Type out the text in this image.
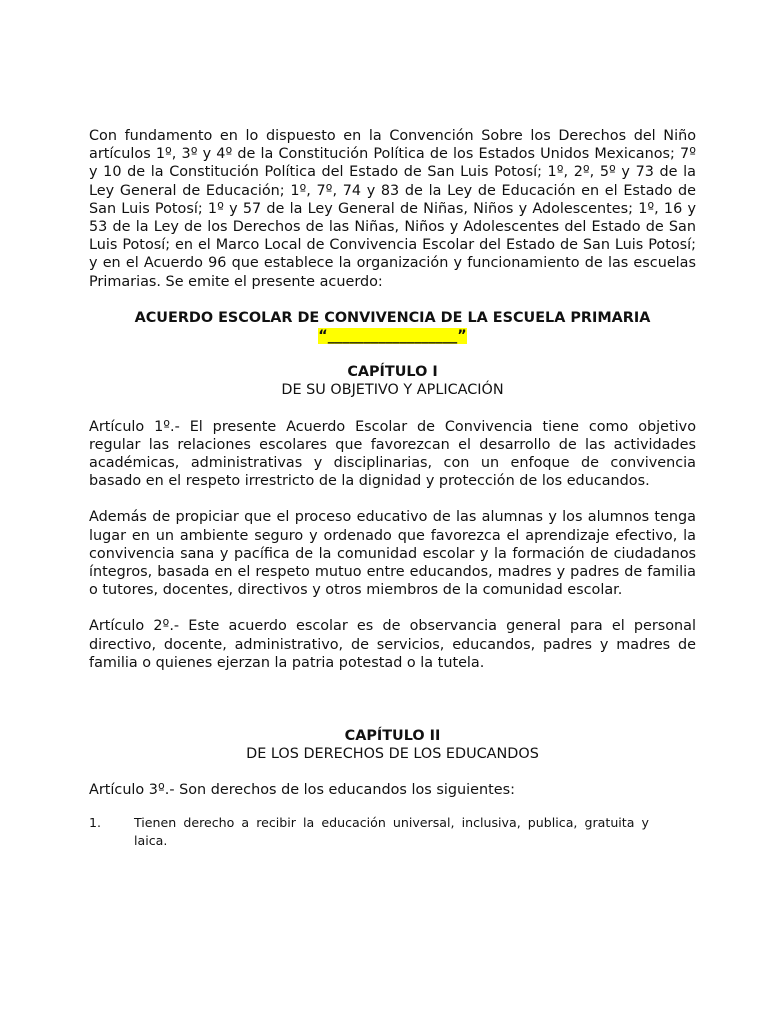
Con fundamento en lo dispuesto en la Convención Sobre los Derechos del Niño artículos 1º, 3º y 4º de la Constitución Política de los Estados Unidos Mexicanos; 7º y 10 de la Constitución Política del Estado de San Luis Potosí; 1º, 2º, 5º y 73 de la Ley General de Educación; 1º, 7º, 74 y 83 de la Ley de Educación en el Estado de San Luis Potosí; 1º y 57 de la Ley General de Niñas, Niños y Adolescentes; 1º, 16 y 53 de la Ley de los Derechos de las Niñas, Niños y Adolescentes del Estado de San Luis Potosí; en el Marco Local de Convivencia Escolar del Estado de San Luis Potosí; y en el Acuerdo 96 que establece la organización y funcionamiento de las escuelas Primarias. Se emite el presente acuerdo:

ACUERDO ESCOLAR DE CONVIVENCIA DE LA ESCUELA PRIMARIA

“__________________”

CAPÍTULO I

DE SU OBJETIVO Y APLICACIÓN

Artículo 1º.- El presente Acuerdo Escolar de Convivencia tiene como objetivo regular las relaciones escolares que favorezcan el desarrollo de las actividades académicas, administrativas y disciplinarias, con un enfoque de convivencia basado en el respeto irrestricto de la dignidad y protección de los educandos.

Además de propiciar que el proceso educativo de las alumnas y los alumnos tenga lugar en un ambiente seguro y ordenado que favorezca el aprendizaje efectivo, la convivencia sana y pacífica de la comunidad escolar y la formación de ciudadanos íntegros, basada en el respeto mutuo entre educandos, madres y padres de familia o tutores, docentes, directivos y otros miembros de la comunidad escolar.

Artículo 2º.- Este acuerdo escolar es de observancia general para el personal directivo, docente, administrativo, de servicios, educandos, padres y madres de familia o quienes ejerzan la patria potestad o la tutela.

CAPÍTULO II

DE LOS DERECHOS DE LOS EDUCANDOS

Artículo 3º.- Son derechos de los educandos los siguientes:

1.	Tienen derecho a recibir la educación universal, inclusiva, publica, gratuita y laica.
